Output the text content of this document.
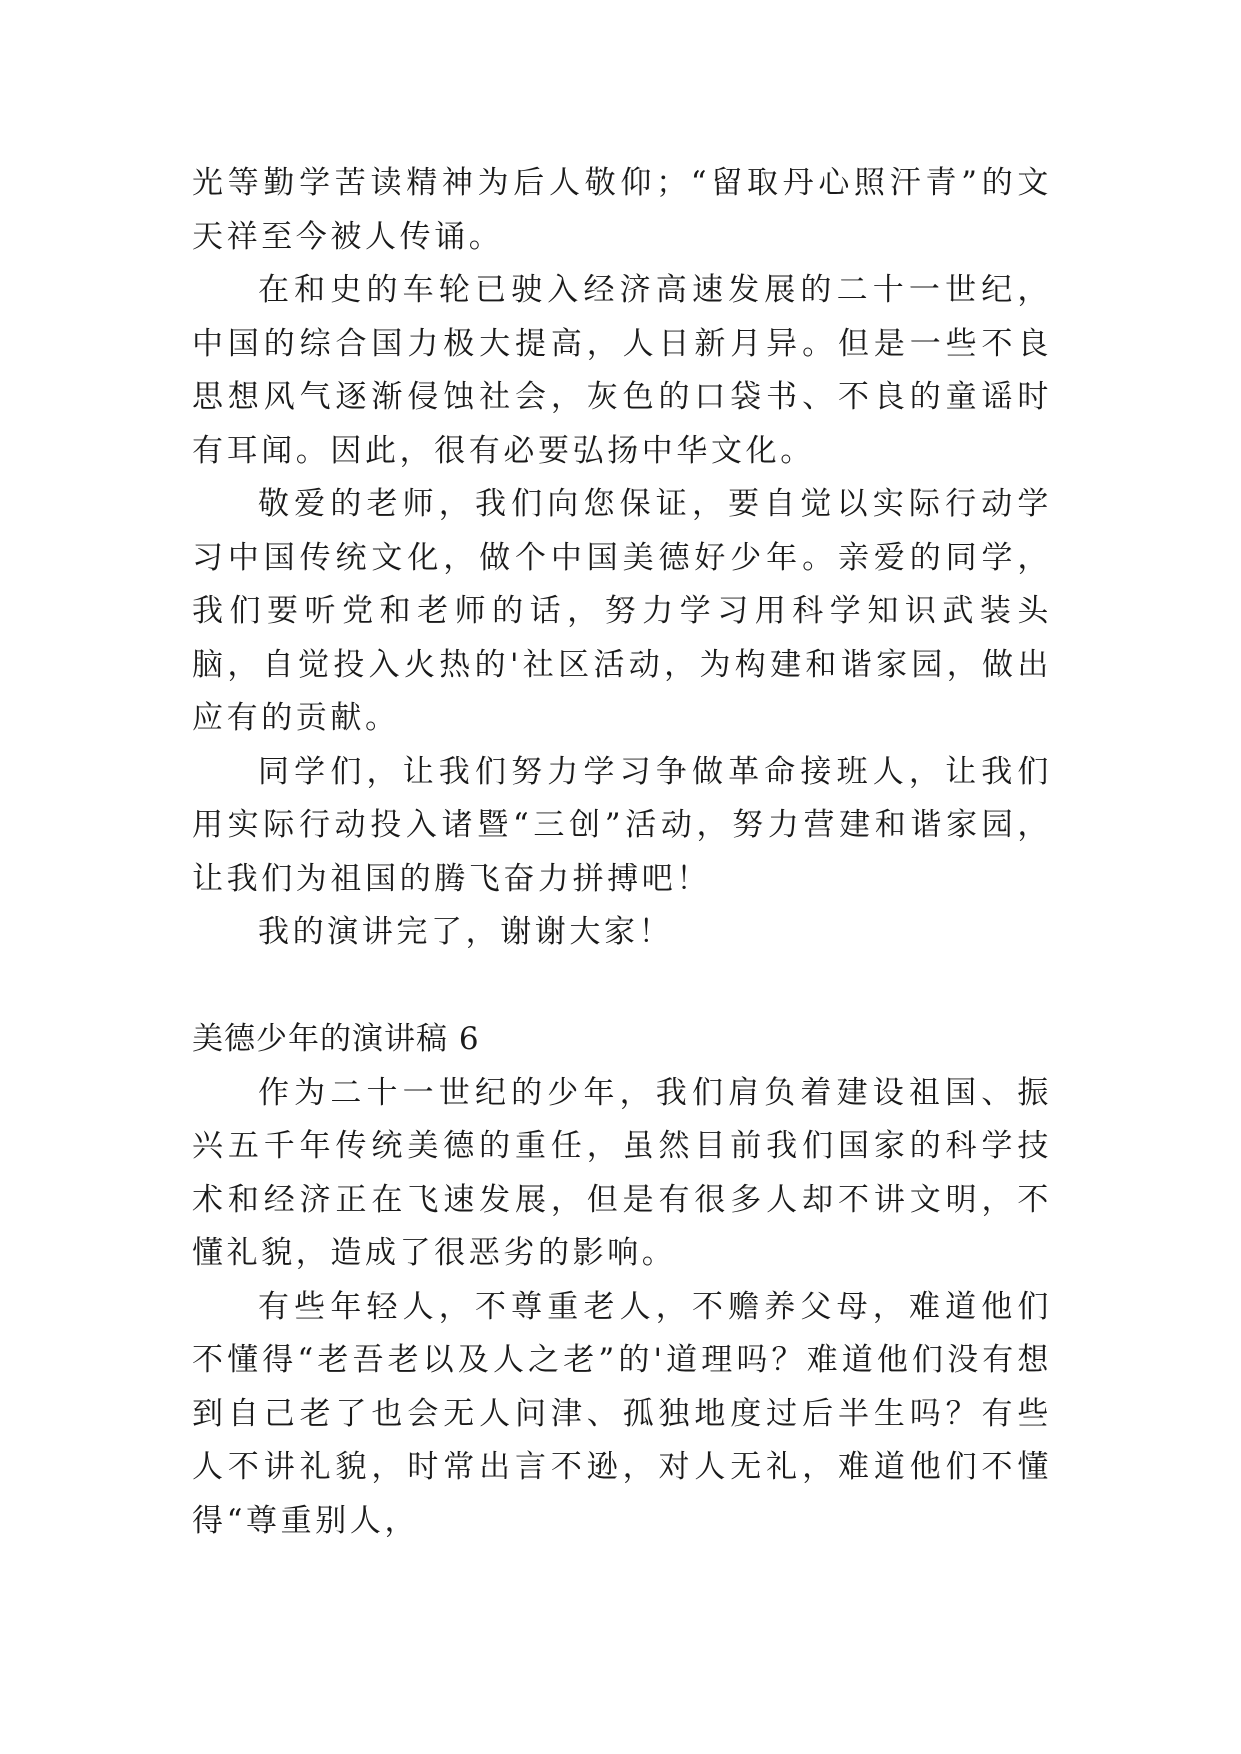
光等勤学苦读精神为后人敬仰；“留取丹心照汗青”的文天祥至今被人传诵。

在和史的车轮已驶入经济高速发展的二十一世纪，中国的综合国力极大提高，人日新月异。但是一些不良思想风气逐渐侵蚀社会，灰色的口袋书、不良的童谣时有耳闻。因此，很有必要弘扬中华文化。

敬爱的老师，我们向您保证，要自觉以实际行动学习中国传统文化，做个中国美德好少年。亲爱的同学，我们要听党和老师的话，努力学习用科学知识武装头脑，自觉投入火热的'社区活动，为构建和谐家园，做出应有的贡献。

同学们，让我们努力学习争做革命接班人，让我们用实际行动投入诸暨“三创”活动，努力营建和谐家园，让我们为祖国的腾飞奋力拼搏吧！

我的演讲完了，谢谢大家！

美德少年的演讲稿 6

作为二十一世纪的少年，我们肩负着建设祖国、振兴五千年传统美德的重任，虽然目前我们国家的科学技术和经济正在飞速发展，但是有很多人却不讲文明，不懂礼貌，造成了很恶劣的影响。

有些年轻人，不尊重老人，不赡养父母，难道他们不懂得“老吾老以及人之老”的'道理吗？难道他们没有想到自己老了也会无人问津、孤独地度过后半生吗？有些人不讲礼貌，时常出言不逊，对人无礼，难道他们不懂得“尊重别人，
